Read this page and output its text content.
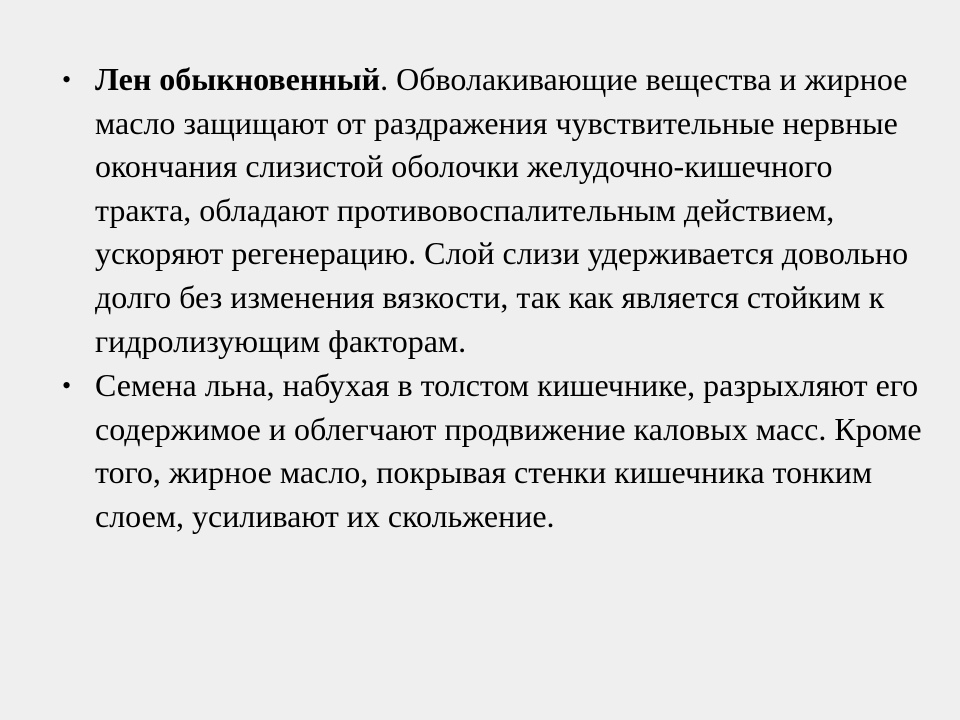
• Лен обыкновенный. Обволакивающие вещества и жирное масло защищают от раздражения чувствительные нервные окончания слизистой оболочки желудочно-кишечного тракта, обладают противовоспалительным действием, ускоряют регенерацию. Слой слизи удерживается довольно долго без изменения вязкости, так как является стойким к гидролизующим факторам.
• Семена льна, набухая в толстом кишечнике, разрыхляют его содержимое и облегчают продвижение каловых масс. Кроме того, жирное масло, покрывая стенки кишечника тонким слоем, усиливают их скольжение.
